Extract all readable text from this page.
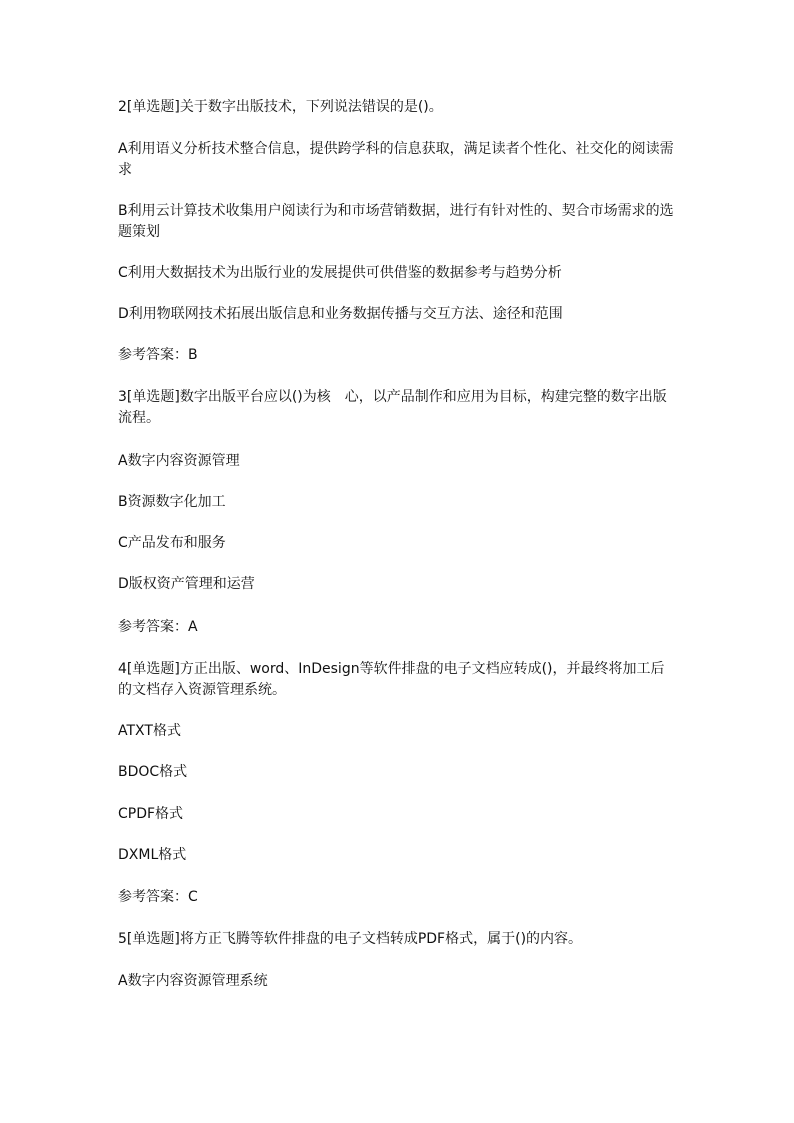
2[单选题]关于数字出版技术，下列说法错误的是()。

A利用语义分析技术整合信息，提供跨学科的信息获取，满足读者个性化、社交化的阅读需求

B利用云计算技术收集用户阅读行为和市场营销数据，进行有针对性的、契合市场需求的选题策划

C利用大数据技术为出版行业的发展提供可供借鉴的数据参考与趋势分析

D利用物联网技术拓展出版信息和业务数据传播与交互方法、途径和范围

参考答案：B

3[单选题]数字出版平台应以()为核　心，以产品制作和应用为目标，构建完整的数字出版流程。

A数字内容资源管理

B资源数字化加工

C产品发布和服务

D版权资产管理和运营

参考答案：A

4[单选题]方正出版、word、InDesign等软件排盘的电子文档应转成()，并最终将加工后的文档存入资源管理系统。

ATXT格式

BDOC格式

CPDF格式

DXML格式

参考答案：C

5[单选题]将方正飞腾等软件排盘的电子文档转成PDF格式，属于()的内容。

A数字内容资源管理系统
